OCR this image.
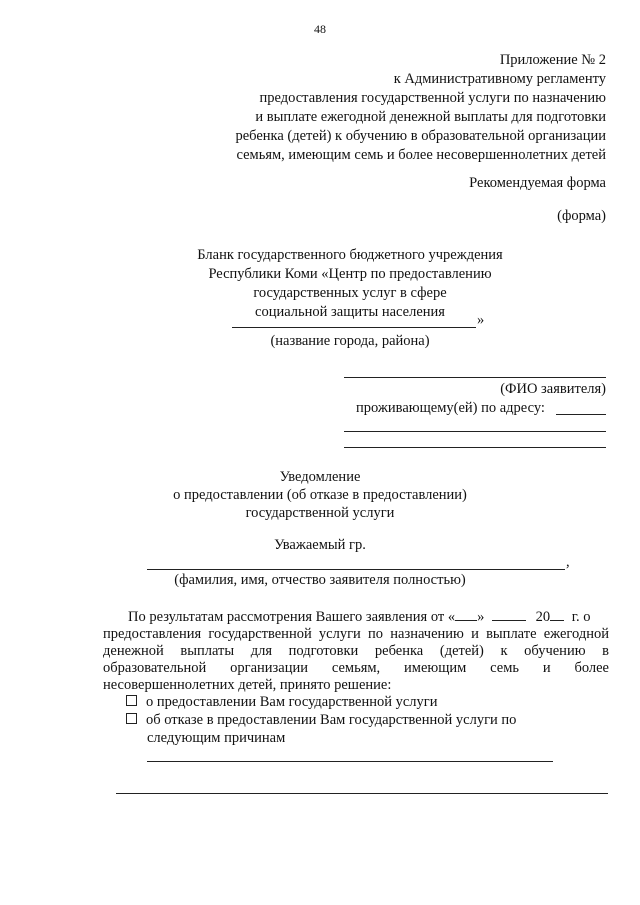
48
Приложение № 2
к Административному регламенту
предоставления государственной услуги по назначению
и выплате ежегодной денежной выплаты для подготовки
ребенка (детей) к обучению в образовательной организации
семьям, имеющим семь и более несовершеннолетних детей
Рекомендуемая форма
(форма)
Бланк государственного бюджетного учреждения
Республики Коми «Центр по предоставлению
государственных услуг в сфере
социальной защиты населения	»
(название города, района)
(ФИО заявителя)
проживающему(ей) по адресу:
Уведомление
о предоставлении (об отказе в предоставлении)
государственной услуги
Уважаемый гр.
,
(фамилия, имя, отчество заявителя полностью)
По результатам рассмотрения Вашего заявления от « »	20 г. о
предоставления государственной услуги по назначению и выплате ежегодной
денежной выплаты для подготовки ребенка (детей) к обучению в
образовательной организации семьям, имеющим семь и более
несовершеннолетних детей, принято решение:
о предоставлении Вам государственной услуги
об отказе в предоставлении Вам государственной услуги по
следующим причинам
